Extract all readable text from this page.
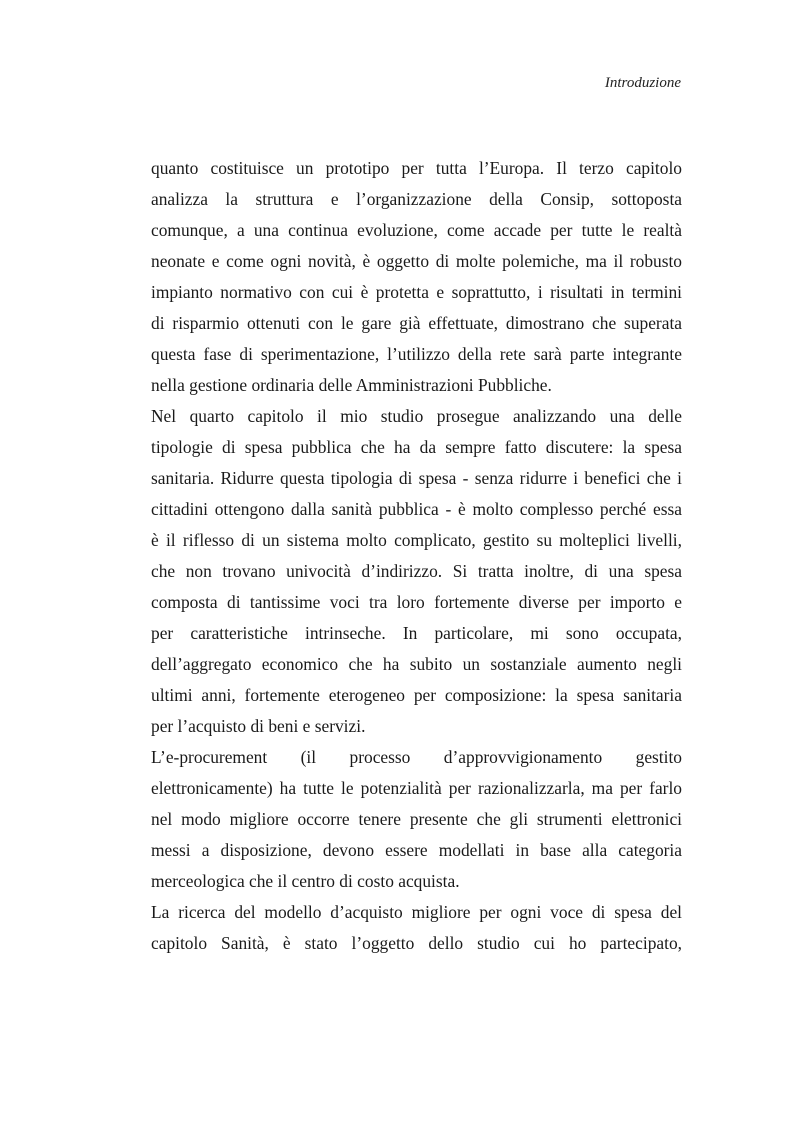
Introduzione
quanto costituisce un prototipo per tutta l’Europa. Il terzo capitolo
analizza la struttura e l’organizzazione della Consip, sottoposta
comunque, a una continua evoluzione, come accade per tutte le realtà
neonate e come ogni novità, è oggetto di molte polemiche, ma il robusto
impianto normativo con cui è protetta e soprattutto, i risultati in termini
di risparmio ottenuti con le gare già effettuate, dimostrano che superata
questa fase di sperimentazione, l’utilizzo della rete sarà parte integrante
nella gestione ordinaria delle Amministrazioni Pubbliche.
Nel quarto capitolo il mio studio prosegue analizzando una delle
tipologie di spesa pubblica che ha da sempre fatto discutere: la spesa
sanitaria. Ridurre questa tipologia di spesa - senza ridurre i benefici che i
cittadini ottengono dalla sanità pubblica - è molto complesso perché essa
è il riflesso di un sistema molto complicato, gestito su molteplici livelli,
che non trovano univocità d’indirizzo. Si tratta inoltre, di una spesa
composta di tantissime voci tra loro fortemente diverse per importo e
per caratteristiche intrinseche. In particolare, mi sono occupata,
dell’aggregato economico che ha subito un sostanziale aumento negli
ultimi anni, fortemente eterogeneo per composizione: la spesa sanitaria
per l’acquisto di beni e servizi.
L’e-procurement (il processo d’approvvigionamento gestito
elettronicamente) ha tutte le potenzialità per razionalizzarla, ma per farlo
nel modo migliore occorre tenere presente che gli strumenti elettronici
messi a disposizione, devono essere modellati in base alla categoria
merceologica che il centro di costo acquista.
La ricerca del modello d’acquisto migliore per ogni voce di spesa del
capitolo Sanità, è stato l’oggetto dello studio cui ho partecipato,
